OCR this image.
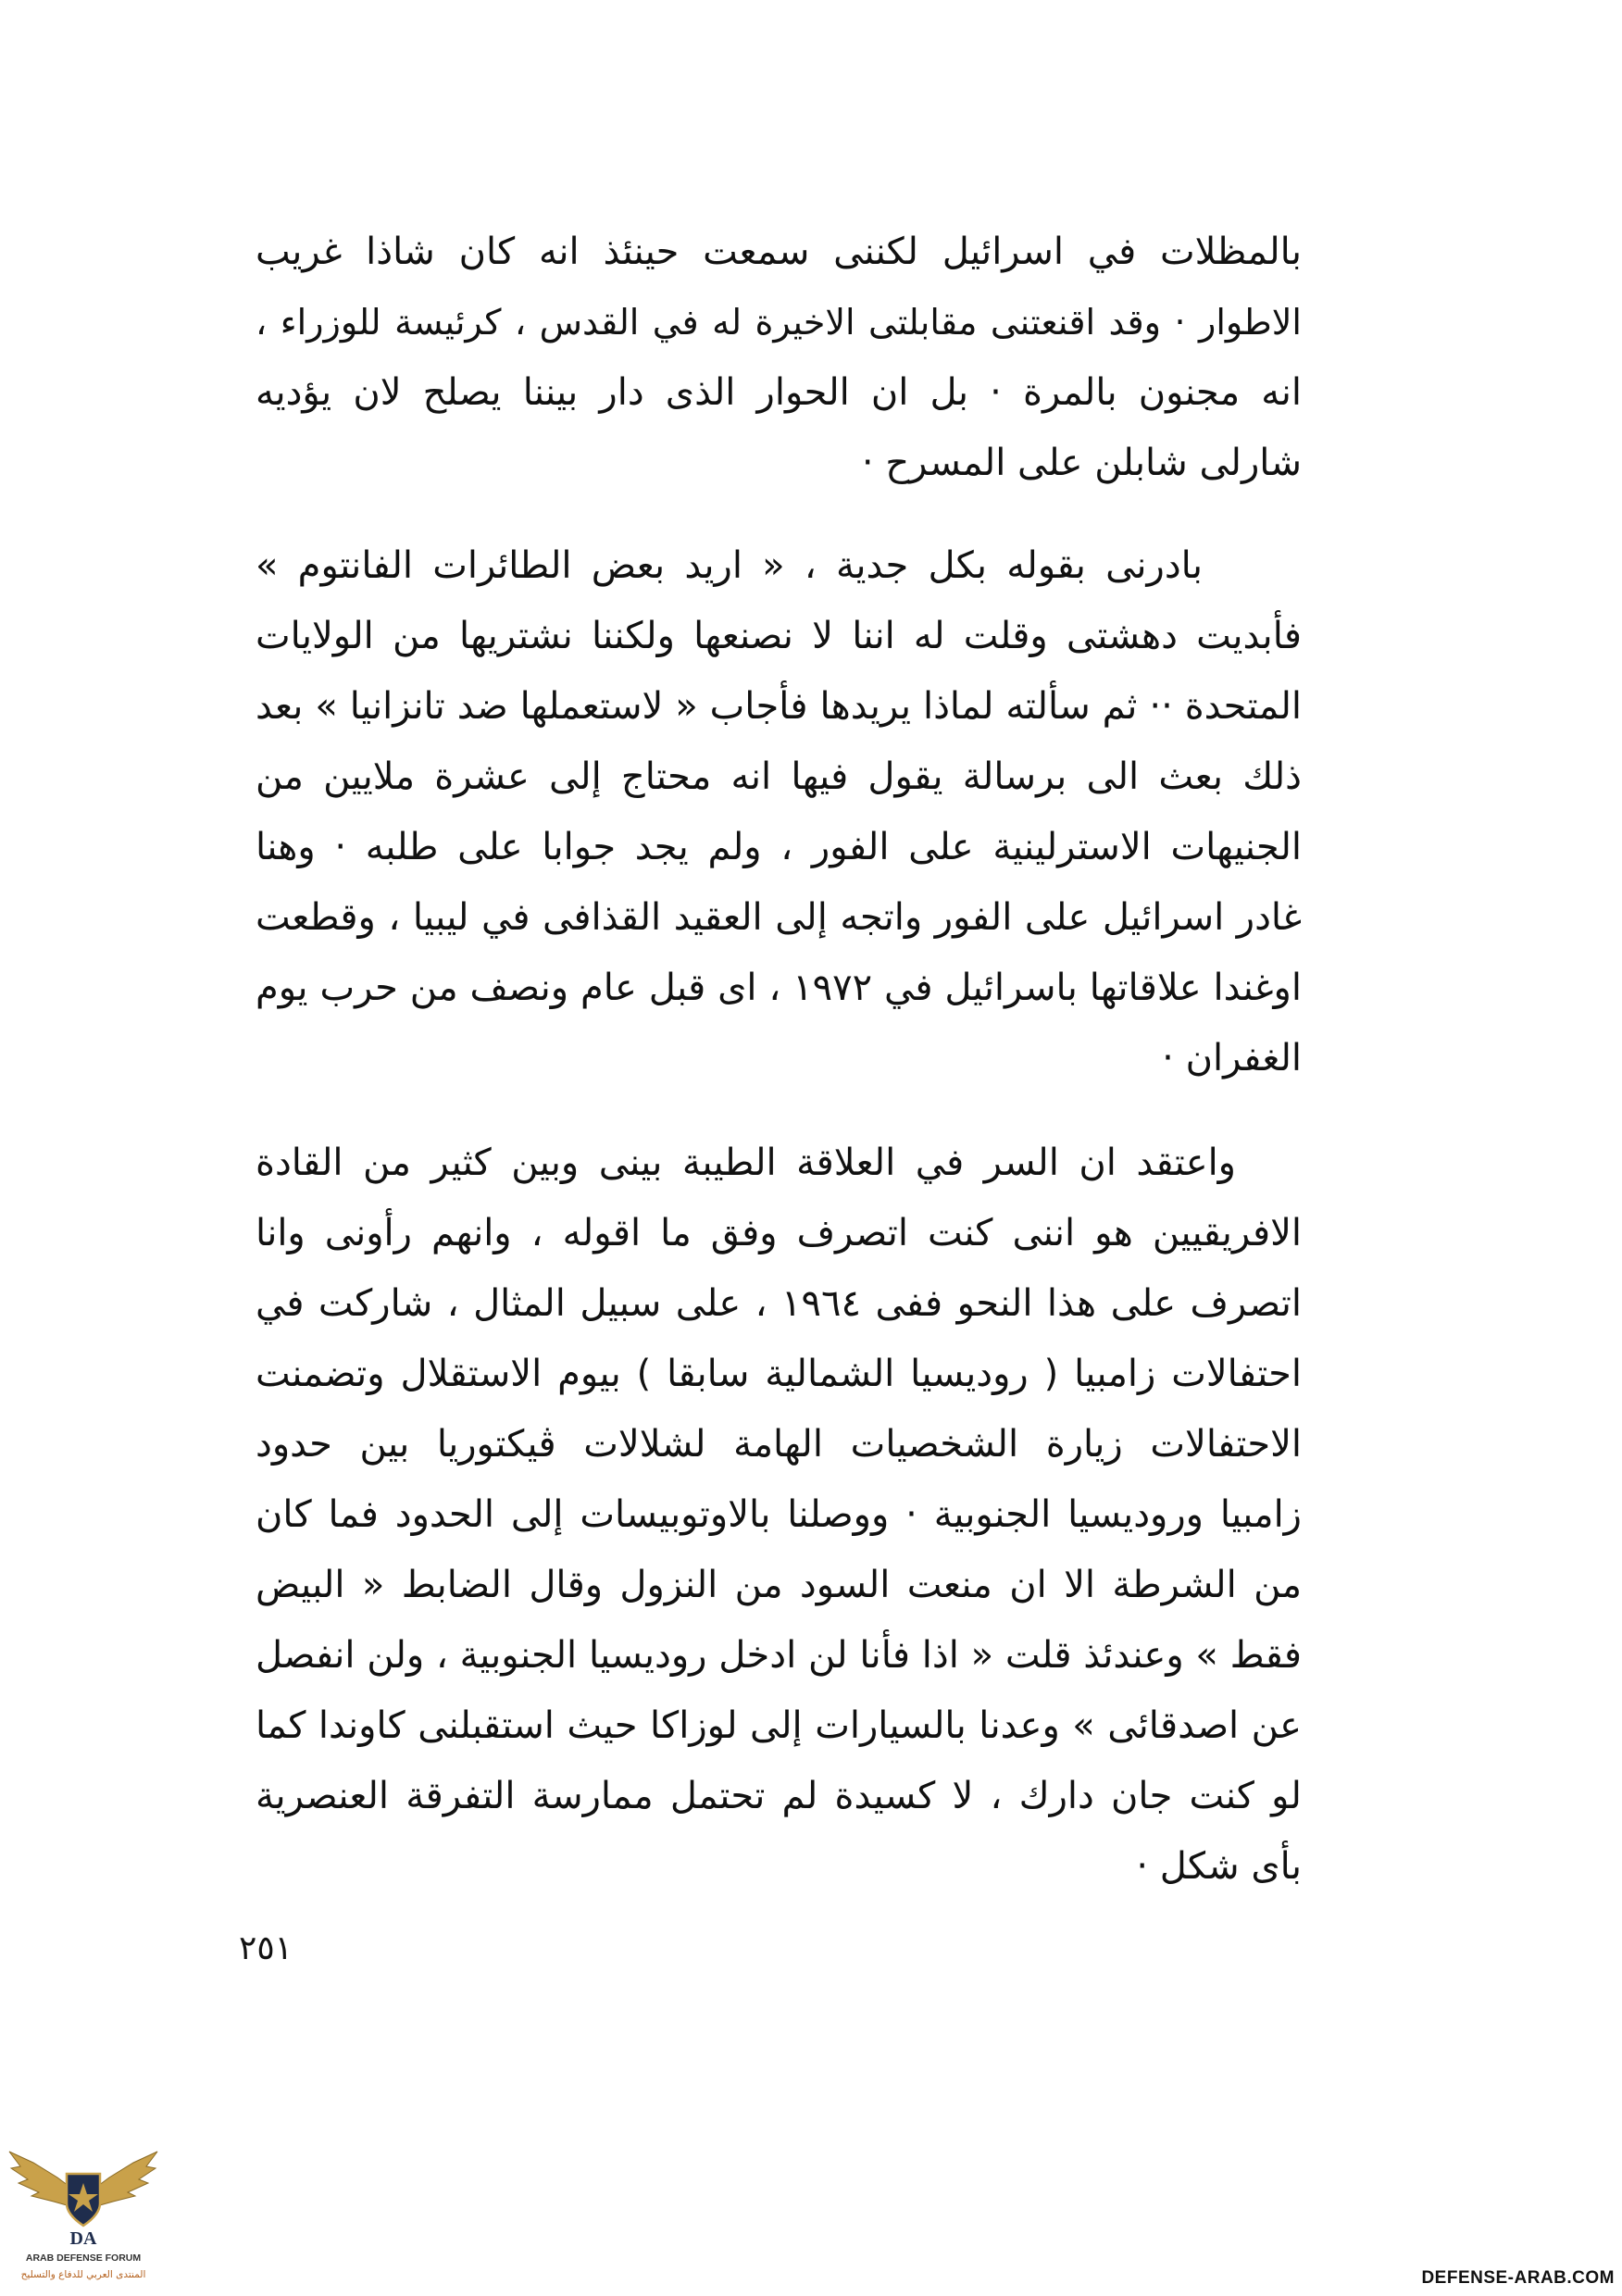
بالمظلات في اسرائيل لكننى سمعت حينئذ انه كان شاذا غريب
الاطوار · وقد اقنعتنى مقابلتى الاخيرة له في القدس ، كرئيسة للوزراء ،
انه مجنون بالمرة · بل ان الحوار الذى دار بيننا يصلح لان يؤديه
شارلى شابلن على المسرح ·
بادرنى بقوله بكل جدية ، « اريد بعض الطائرات الفانتوم »
فأبديت دهشتى وقلت له اننا لا نصنعها ولكننا نشتريها من الولايات
المتحدة ·· ثم سألته لماذا يريدها فأجاب « لاستعملها ضد تانزانيا » بعد
ذلك بعث الى برسالة يقول فيها انه محتاج إلى عشرة ملايين من
الجنيهات الاسترلينية على الفور ، ولم يجد جوابا على طلبه · وهنا
غادر اسرائيل على الفور واتجه إلى العقيد القذافى في ليبيا ، وقطعت
اوغندا علاقاتها باسرائيل في ١٩٧٢ ، اى قبل عام ونصف من حرب يوم
الغفران ·
واعتقد ان السر في العلاقة الطيبة بينى وبين كثير من القادة
الافريقيين هو اننى كنت اتصرف وفق ما اقوله ، وانهم رأونى وانا
اتصرف على هذا النحو ففى ١٩٦٤ ، على سبيل المثال ، شاركت في
احتفالات زامبيا ( روديسيا الشمالية سابقا ) بيوم الاستقلال وتضمنت
الاحتفالات زيارة الشخصيات الهامة لشلالات ڤيكتوريا بين حدود
زامبيا وروديسيا الجنوبية · ووصلنا بالاوتوبيسات إلى الحدود فما كان
من الشرطة الا ان منعت السود من النزول وقال الضابط « البيض
فقط » وعندئذ قلت « اذا فأنا لن ادخل روديسيا الجنوبية ، ولن انفصل
عن اصدقائى » وعدنا بالسيارات إلى لوزاكا حيث استقبلنى كاوندا كما
لو كنت جان دارك ، لا كسيدة لم تحتمل ممارسة التفرقة العنصرية
بأى شكل ·
٢٥١
DA
ARAB DEFENSE FORUM
المنتدى العربي للدفاع والتسليح	DEFENSE-ARAB.COM
